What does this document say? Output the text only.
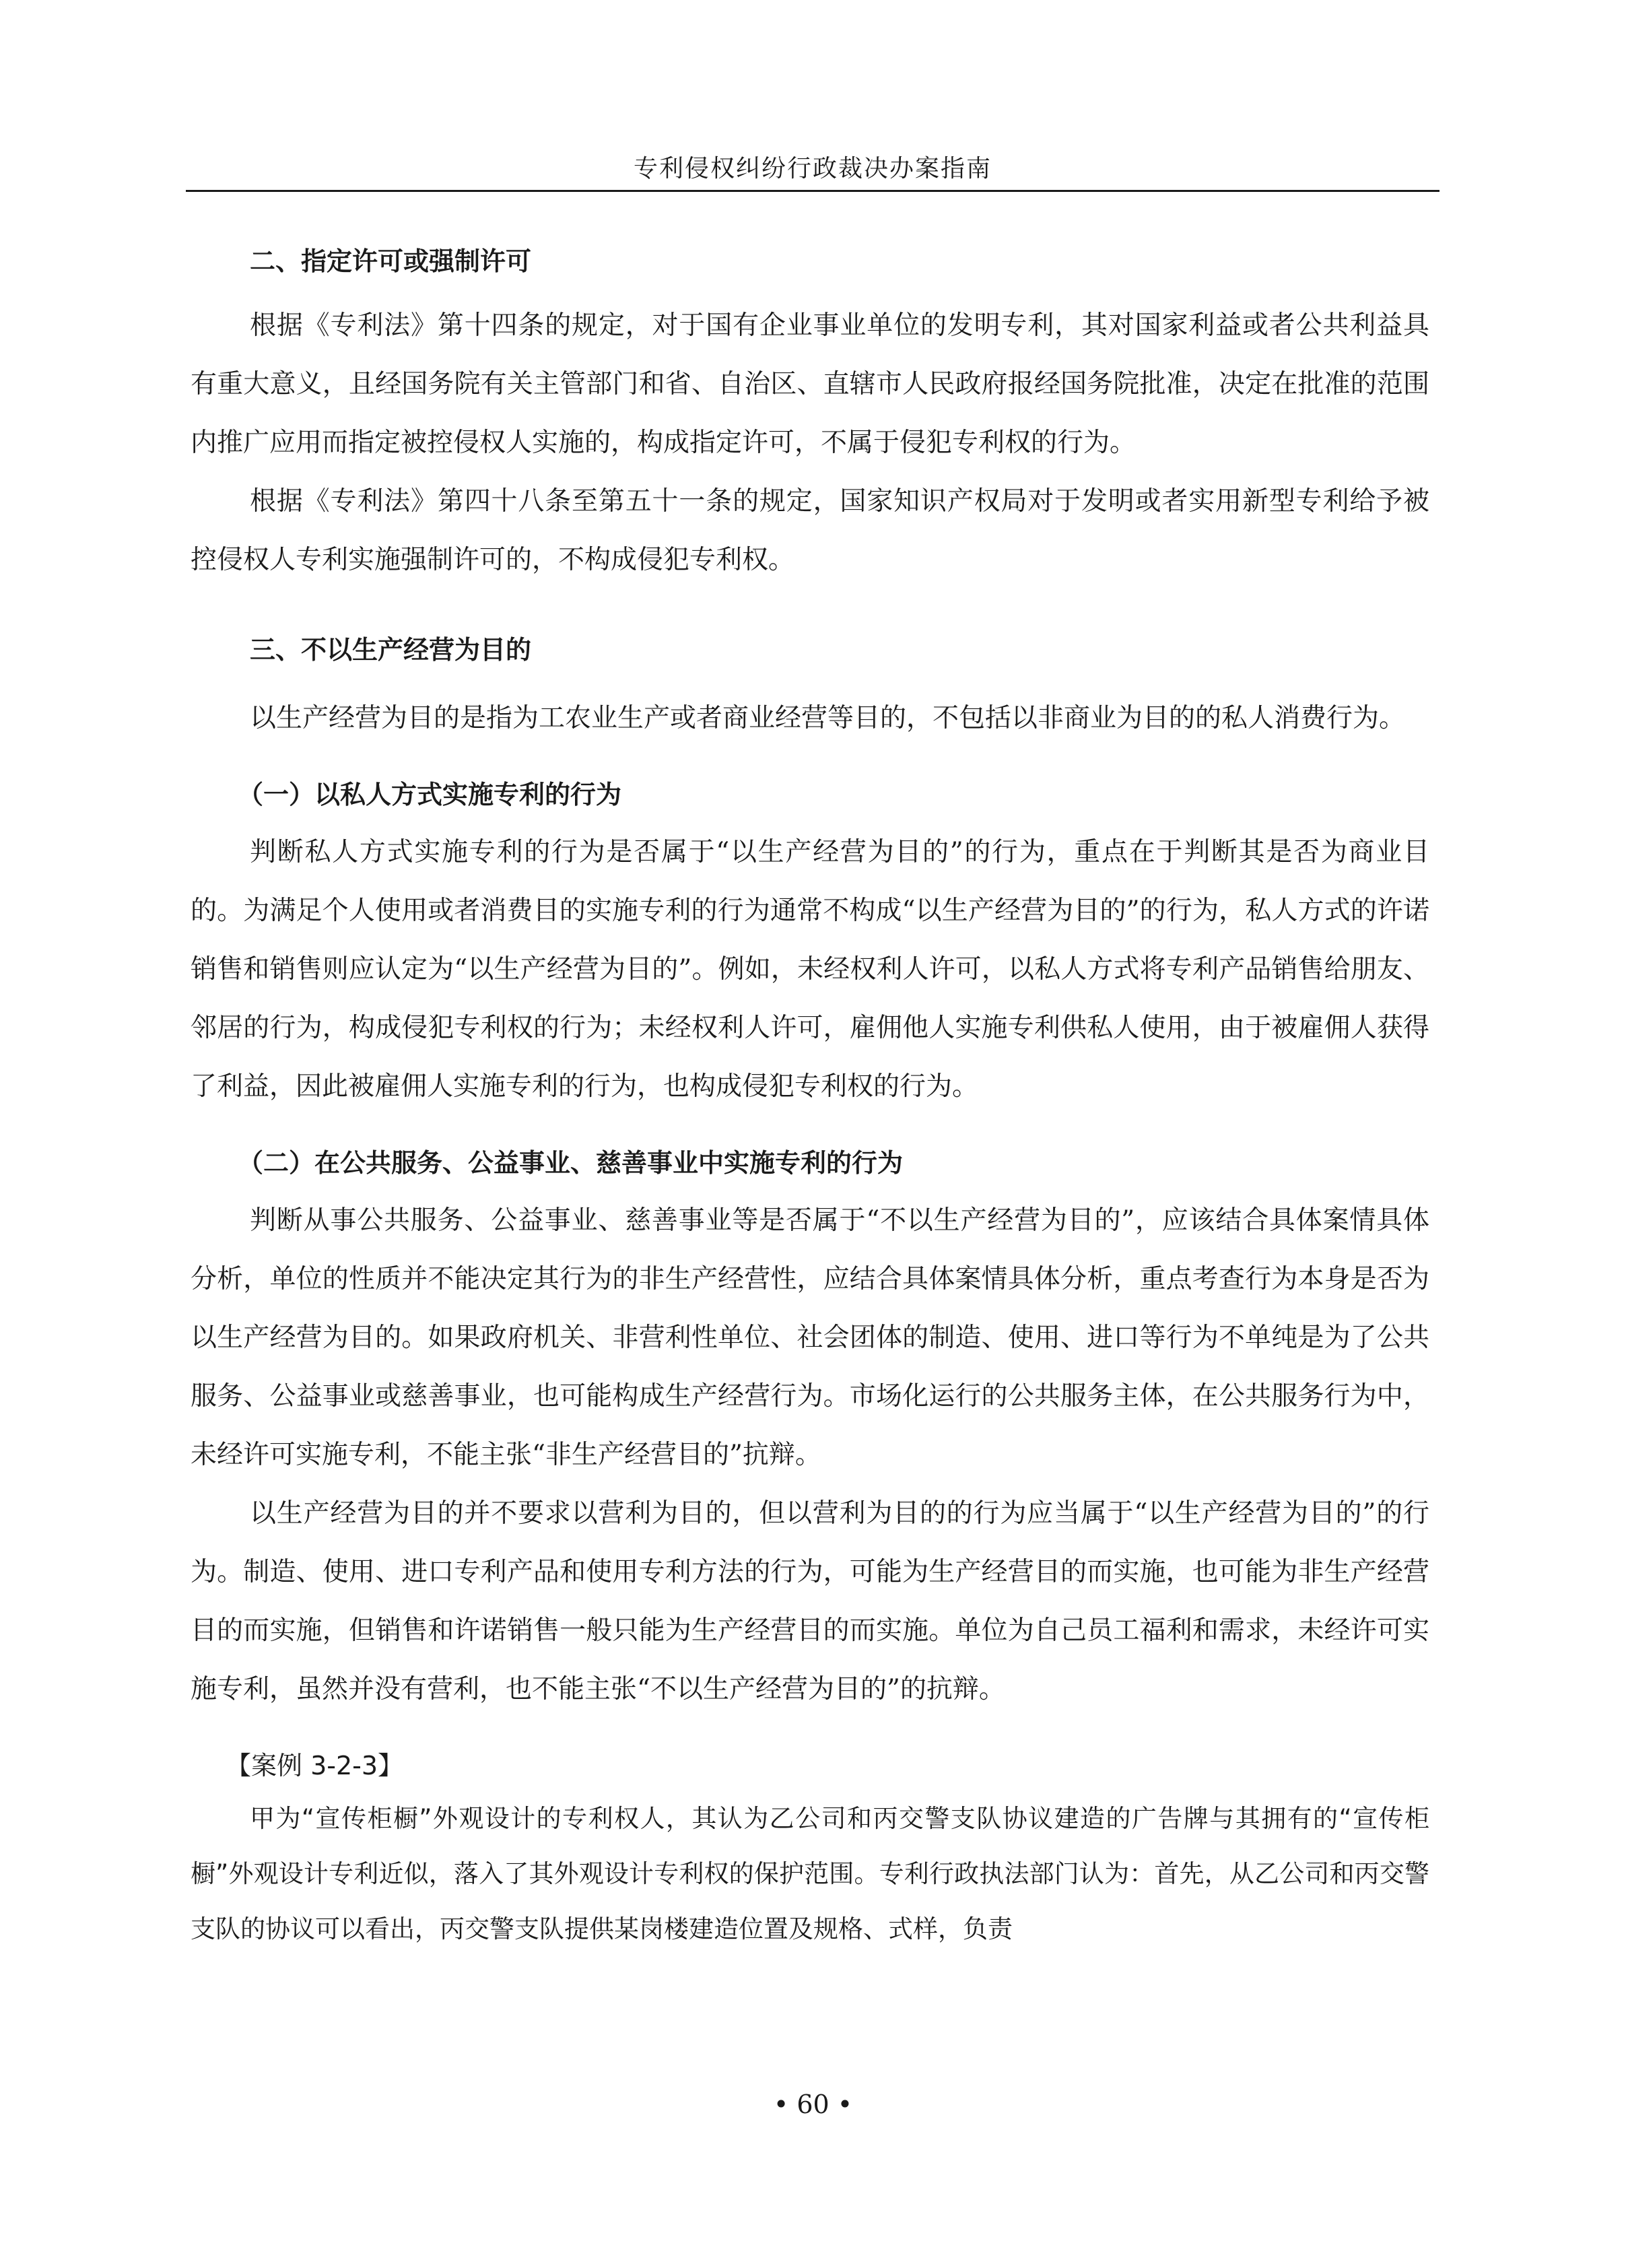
专利侵权纠纷行政裁决办案指南
二、指定许可或强制许可

根据《专利法》第十四条的规定，对于国有企业事业单位的发明专利，其对国家利益或者公共利益具有重大意义，且经国务院有关主管部门和省、自治区、直辖市人民政府报经国务院批准，决定在批准的范围内推广应用而指定被控侵权人实施的，构成指定许可，不属于侵犯专利权的行为。

根据《专利法》第四十八条至第五十一条的规定，国家知识产权局对于发明或者实用新型专利给予被控侵权人专利实施强制许可的，不构成侵犯专利权。

三、不以生产经营为目的

以生产经营为目的是指为工农业生产或者商业经营等目的，不包括以非商业为目的的私人消费行为。

（一）以私人方式实施专利的行为

判断私人方式实施专利的行为是否属于“以生产经营为目的”的行为，重点在于判断其是否为商业目的。为满足个人使用或者消费目的实施专利的行为通常不构成“以生产经营为目的”的行为，私人方式的许诺销售和销售则应认定为“以生产经营为目的”。例如，未经权利人许可，以私人方式将专利产品销售给朋友、邻居的行为，构成侵犯专利权的行为；未经权利人许可，雇佣他人实施专利供私人使用，由于被雇佣人获得了利益，因此被雇佣人实施专利的行为，也构成侵犯专利权的行为。

（二）在公共服务、公益事业、慈善事业中实施专利的行为

判断从事公共服务、公益事业、慈善事业等是否属于“不以生产经营为目的”，应该结合具体案情具体分析，单位的性质并不能决定其行为的非生产经营性，应结合具体案情具体分析，重点考查行为本身是否为以生产经营为目的。如果政府机关、非营利性单位、社会团体的制造、使用、进口等行为不单纯是为了公共服务、公益事业或慈善事业，也可能构成生产经营行为。市场化运行的公共服务主体，在公共服务行为中，未经许可实施专利，不能主张“非生产经营目的”抗辩。

以生产经营为目的并不要求以营利为目的，但以营利为目的的行为应当属于“以生产经营为目的”的行为。制造、使用、进口专利产品和使用专利方法的行为，可能为生产经营目的而实施，也可能为非生产经营目的而实施，但销售和许诺销售一般只能为生产经营目的而实施。单位为自己员工福利和需求，未经许可实施专利，虽然并没有营利，也不能主张“不以生产经营为目的”的抗辩。

【案例 3-2-3】

甲为“宣传柜橱”外观设计的专利权人，其认为乙公司和丙交警支队协议建造的广告牌与其拥有的“宣传柜橱”外观设计专利近似，落入了其外观设计专利权的保护范围。专利行政执法部门认为：首先，从乙公司和丙交警支队的协议可以看出，丙交警支队提供某岗楼建造位置及规格、式样，负责

• 60 •
